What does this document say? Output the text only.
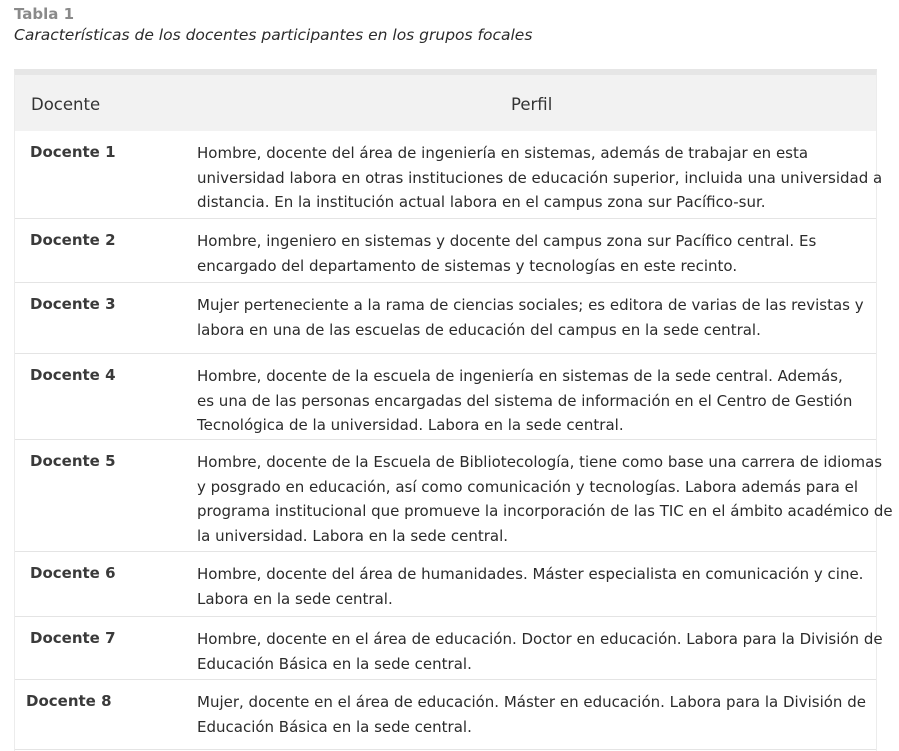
Tabla 1
Características de los docentes participantes en los grupos focales
Docente	Perfil
Docente 1	Hombre, docente del área de ingeniería en sistemas, además de trabajar en esta
universidad labora en otras instituciones de educación superior, incluida una universidad a
distancia. En la institución actual labora en el campus zona sur Pacífico-sur.
Docente 2	Hombre, ingeniero en sistemas y docente del campus zona sur Pacífico central. Es
encargado del departamento de sistemas y tecnologías en este recinto.
Docente 3	Mujer perteneciente a la rama de ciencias sociales; es editora de varias de las revistas y
labora en una de las escuelas de educación del campus en la sede central.
Docente 4	Hombre, docente de la escuela de ingeniería en sistemas de la sede central. Además,
es una de las personas encargadas del sistema de información en el Centro de Gestión
Tecnológica de la universidad. Labora en la sede central.
Docente 5	Hombre, docente de la Escuela de Bibliotecología, tiene como base una carrera de idiomas
y posgrado en educación, así como comunicación y tecnologías. Labora además para el
programa institucional que promueve la incorporación de las TIC en el ámbito académico de
la universidad. Labora en la sede central.
Docente 6	Hombre, docente del área de humanidades. Máster especialista en comunicación y cine.
Labora en la sede central.
Docente 7	Hombre, docente en el área de educación. Doctor en educación. Labora para la División de
Educación Básica en la sede central.
Docente 8	Mujer, docente en el área de educación. Máster en educación. Labora para la División de
Educación Básica en la sede central.
